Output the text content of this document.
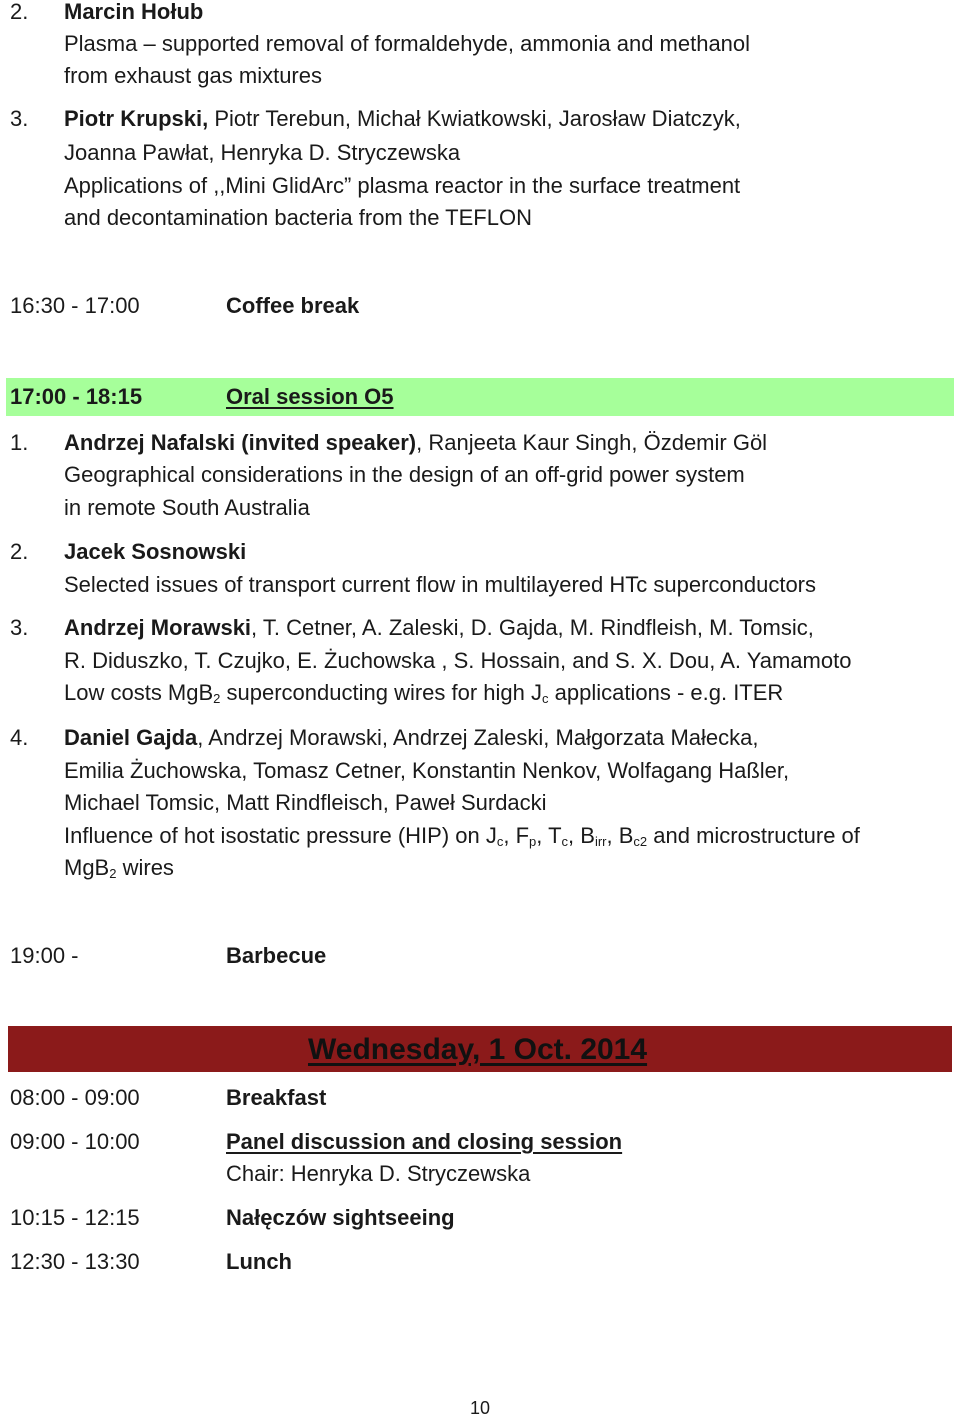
2. Marcin Hołub
Plasma – supported removal of formaldehyde, ammonia and methanol
from exhaust gas mixtures
3. Piotr Krupski, Piotr Terebun, Michał Kwiatkowski, Jarosław Diatczyk,
Joanna Pawłat, Henryka D. Stryczewska
Applications of ,,Mini GlidArc” plasma reactor in the surface treatment
and decontamination bacteria from the TEFLON
16:30 - 17:00	Coffee break
17:00 - 18:15	Oral session O5
1. Andrzej Nafalski (invited speaker), Ranjeeta Kaur Singh, Özdemir Göl
Geographical considerations in the design of an off-grid power system
in remote South Australia
2. Jacek Sosnowski
Selected issues of transport current flow in multilayered HTc superconductors
3. Andrzej Morawski, T. Cetner, A. Zaleski, D. Gajda, M. Rindfleish, M. Tomsic,
R. Diduszko, T. Czujko, E. Żuchowska , S. Hossain, and S. X. Dou, A. Yamamoto
Low costs MgB$_2$ superconducting wires for high $J_c$ applications - e.g. ITER
4. Daniel Gajda, Andrzej Morawski, Andrzej Zaleski, Małgorzata Małecka,
Emilia Żuchowska, Tomasz Cetner, Konstantin Nenkov, Wolfagang Haßler,
Michael Tomsic, Matt Rindfleisch, Paweł Surdacki
Influence of hot isostatic pressure (HIP) on $J_c$, $F_p$, $T_c$, $B_{irr}$, $B_{c2}$ and microstructure of
MgB$_2$ wires
19:00 -	Barbecue
Wednesday, 1 Oct. 2014
08:00 - 09:00	Breakfast
09:00 - 10:00	Panel discussion and closing session
Chair: Henryka D. Stryczewska
10:15 - 12:15	Nałęczów sightseeing
12:30 - 13:30	Lunch
10
